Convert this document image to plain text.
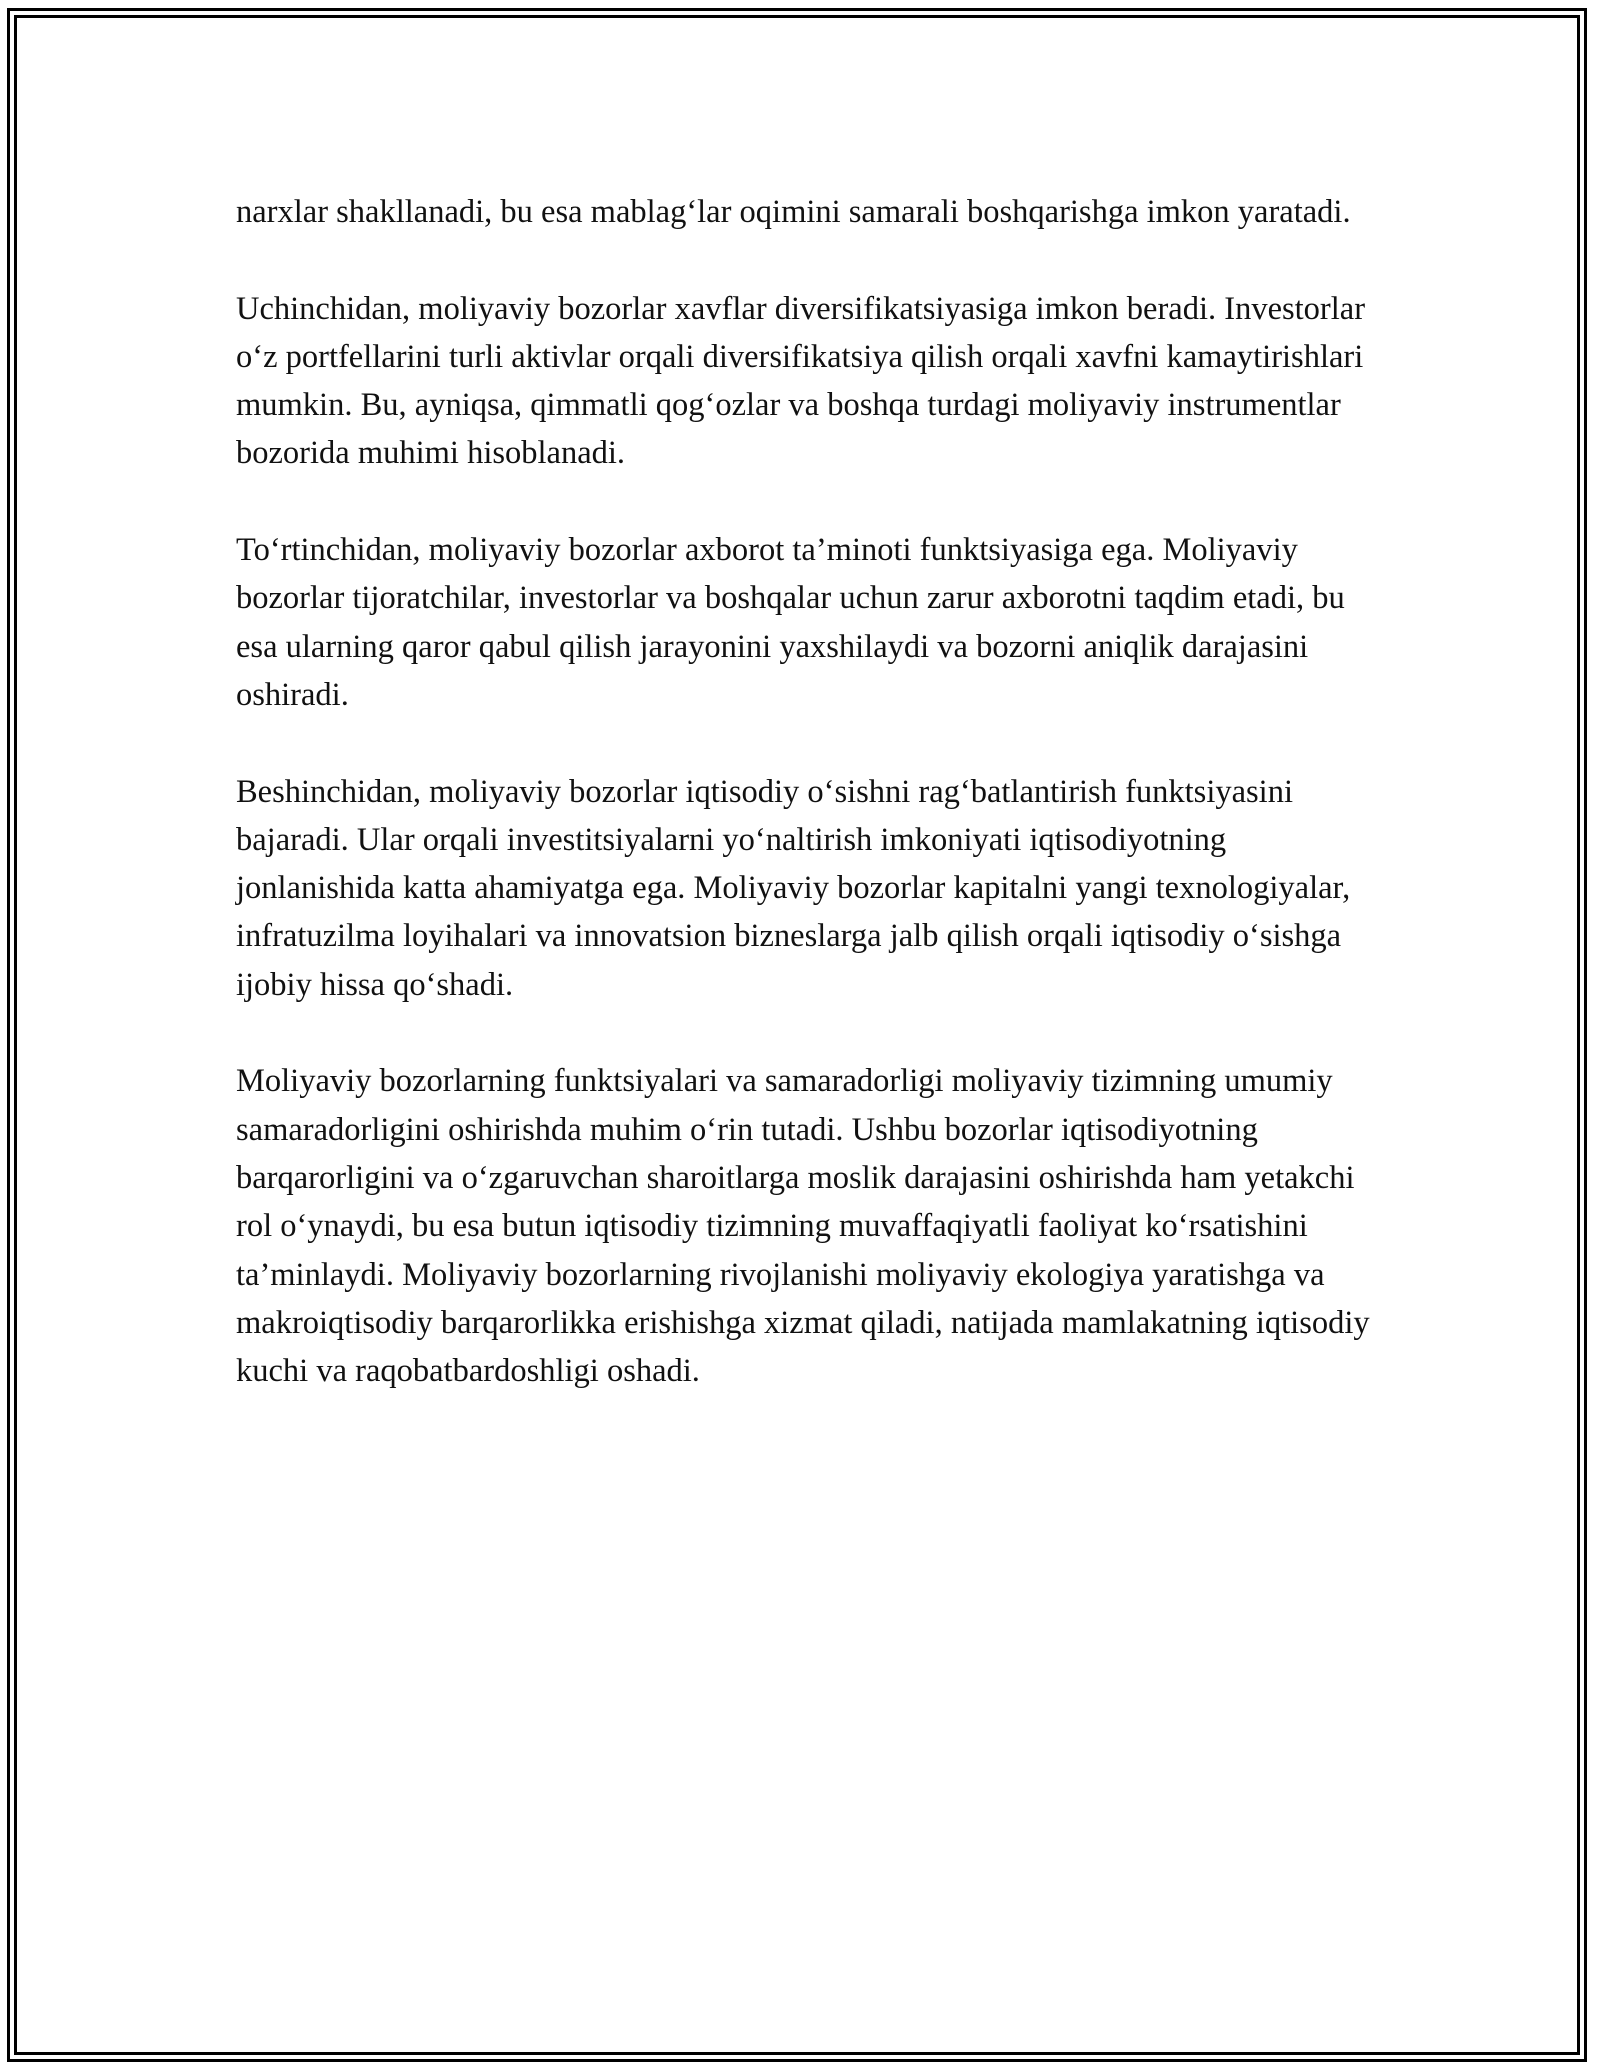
narxlar shakllanadi, bu esa mablag‘lar oqimini samarali boshqarishga imkon yaratadi.

Uchinchidan, moliyaviy bozorlar xavflar diversifikatsiyasiga imkon beradi. Investorlar o‘z portfellarini turli aktivlar orqali diversifikatsiya qilish orqali xavfni kamaytirishlari mumkin. Bu, ayniqsa, qimmatli qog‘ozlar va boshqa turdagi moliyaviy instrumentlar bozorida muhimi hisoblanadi.

To‘rtinchidan, moliyaviy bozorlar axborot ta’minoti funktsiyasiga ega. Moliyaviy bozorlar tijoratchilar, investorlar va boshqalar uchun zarur axborotni taqdim etadi, bu esa ularning qaror qabul qilish jarayonini yaxshilaydi va bozorni aniqlik darajasini oshiradi.

Beshinchidan, moliyaviy bozorlar iqtisodiy o‘sishni rag‘batlantirish funktsiyasini bajaradi. Ular orqali investitsiyalarni yo‘naltirish imkoniyati iqtisodiyotning jonlanishida katta ahamiyatga ega. Moliyaviy bozorlar kapitalni yangi texnologiyalar, infratuzilma loyihalari va innovatsion bizneslarga jalb qilish orqali iqtisodiy o‘sishga ijobiy hissa qo‘shadi.

Moliyaviy bozorlarning funktsiyalari va samaradorligi moliyaviy tizimning umumiy samaradorligini oshirishda muhim o‘rin tutadi. Ushbu bozorlar iqtisodiyotning barqarorligini va o‘zgaruvchan sharoitlarga moslik darajasini oshirishda ham yetakchi rol o‘ynaydi, bu esa butun iqtisodiy tizimning muvaffaqiyatli faoliyat ko‘rsatishini ta’minlaydi. Moliyaviy bozorlarning rivojlanishi moliyaviy ekologiya yaratishga va makroiqtisodiy barqarorlikka erishishga xizmat qiladi, natijada mamlakatning iqtisodiy kuchi va raqobatbardoshligi oshadi.
